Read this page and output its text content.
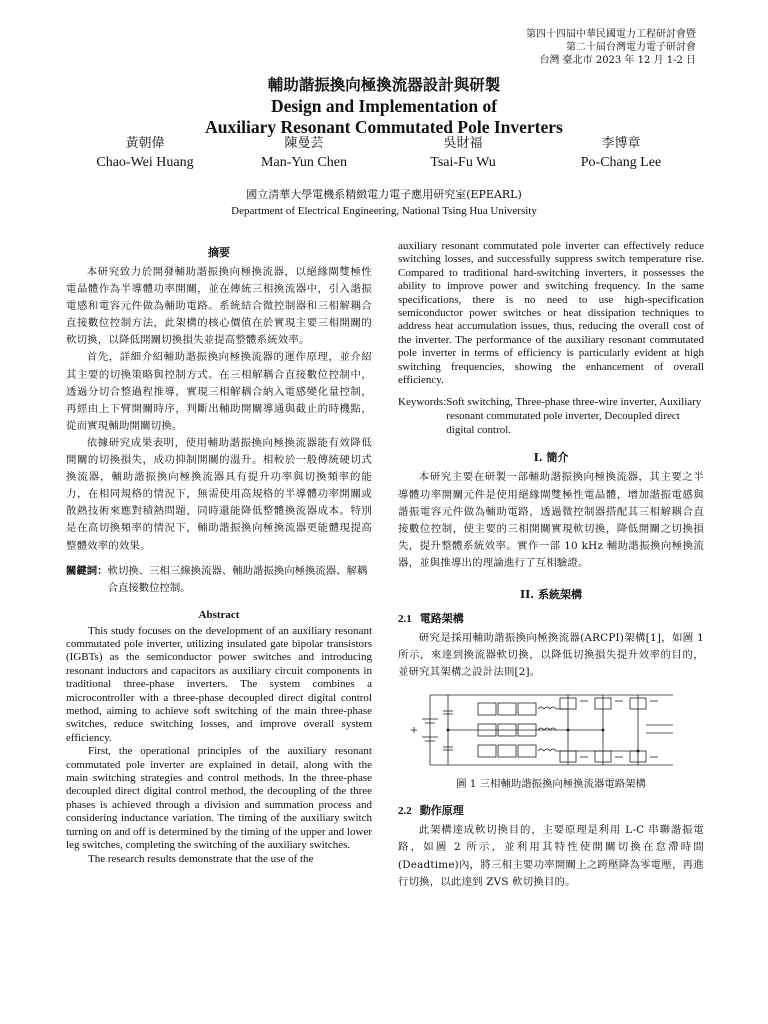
第四十四屆中華民國電力工程研討會暨
第二十屆台灣電力電子研討會
台灣 臺北市 2023 年 12 月 1-2 日
輔助諧振換向極換流器設計與研製
Design and Implementation of
Auxiliary Resonant Commutated Pole Inverters
黃朝偉
Chao-Wei Huang
陳曼芸
Man-Yun Chen
吳財福
Tsai-Fu Wu
李博章
Po-Chang Lee
國立清華大學電機系精緻電力電子應用研究室(EPEARL)
Department of Electrical Engineering, National Tsing Hua University
摘要

本研究致力於開發輔助諧振換向極換流器，以絕緣閘雙極性電晶體作為半導體功率開關，並在傳統三相換流器中，引入諧振電感和電容元件做為輔助電路。系統結合微控制器和三相解耦合直接數位控制方法，此架構的核心價值在於實現主要三相開關的軟切換，以降低開關切換損失並提高整體系統效率。

首先，詳細介紹輔助諧振換向極換流器的運作原理，並介紹其主要的切換策略與控制方式。在三相解耦合直接數位控制中，透過分切合整過程推導，實現三相解耦合納入電感變化量控制，再經由上下臂開關時序，判斷出輔助開關導通與截止的時機點，從而實現輔助開關切換。

依據研究成果表明，使用輔助諧振換向極換流器能有效降低開關的切換損失，成功抑制開關的溫升。相較於一般傳統硬切式換流器，輔助諧振換向極換流器具有提升功率與切換頻率的能力，在相同規格的情況下，無需使用高規格的半導體功率開關或散熱技術來應對積熱問題，同時還能降低整體換流器成本。特別是在高切換頻率的情況下，輔助諧振換向極換流器更能體現提高整體效率的效果。

關鍵詞： 軟切換、三相三線換流器、輔助諧振換向極換流器、解耦合直接數位控制。
Abstract

This study focuses on the development of an auxiliary resonant commutated pole inverter, utilizing insulated gate bipolar transistors (IGBTs) as the semiconductor power switches and introducing resonant inductors and capacitors as auxiliary circuit components in traditional three-phase inverters. The system combines a microcontroller with a three-phase decoupled direct digital control method, aiming to achieve soft switching of the main three-phase switches, reduce switching losses, and improve overall system efficiency.

First, the operational principles of the auxiliary resonant commutated pole inverter are explained in detail, along with the main switching strategies and control methods. In the three-phase decoupled direct digital control method, the decoupling of the three phases is achieved through a division and summation process and considering inductance variation. The timing of the auxiliary switch turning on and off is determined by the timing of the upper and lower leg switches, completing the switching of the auxiliary switches.

The research results demonstrate that the use of the

auxiliary resonant commutated pole inverter can effectively reduce switching losses, and successfully suppress switch temperature rise. Compared to traditional hard-switching inverters, it possesses the ability to improve power and switching frequency. In the same specifications, there is no need to use high-specification semiconductor power switches or heat dissipation techniques to address heat accumulation issues, thus, reducing the overall cost of the inverter. The performance of the auxiliary resonant commutated pole inverter in terms of efficiency is particularly evident at high switching frequencies, showing the enhancement of overall efficiency.

Keywords: Soft switching, Three-phase three-wire inverter, Auxiliary resonant commutated pole inverter, Decoupled direct digital control.
I. 簡介

本研究主要在研製一部輔助諧振換向極換流器，其主要之半導體功率開關元件是使用絕緣閘雙極性電晶體，增加諧振電感與諧振電容元件做為輔助電路，透過微控制器搭配其三相解耦合直接數位控制，使主要的三相開關實現軟切換，降低開關之切換損失，提升整體系統效率。實作一部 10 kHz 輔助諧振換向極換流器，並與推導出的理論進行了互相驗證。

II. 系統架構
2.1 電路架構

研究是採用輔助諧振換向極換流器(ARCPI)架構[1]，如圖 1 所示，來達到換流器軟切換，以降低切換損失提升效率的目的，並研究其架構之設計法則[2]。

圖 1 三相輔助諧振換向極換流器電路架構
2.2 動作原理

此架構達成軟切換目的，主要原理是利用 L-C 串聯諧振電路，如圖 2 所示，並利用其特性使開關切換在怠滯時間(Deadtime)內，將三相主要功率開關上之跨壓降為零電壓，再進行切換，以此達到 ZVS 軟切換目的。
